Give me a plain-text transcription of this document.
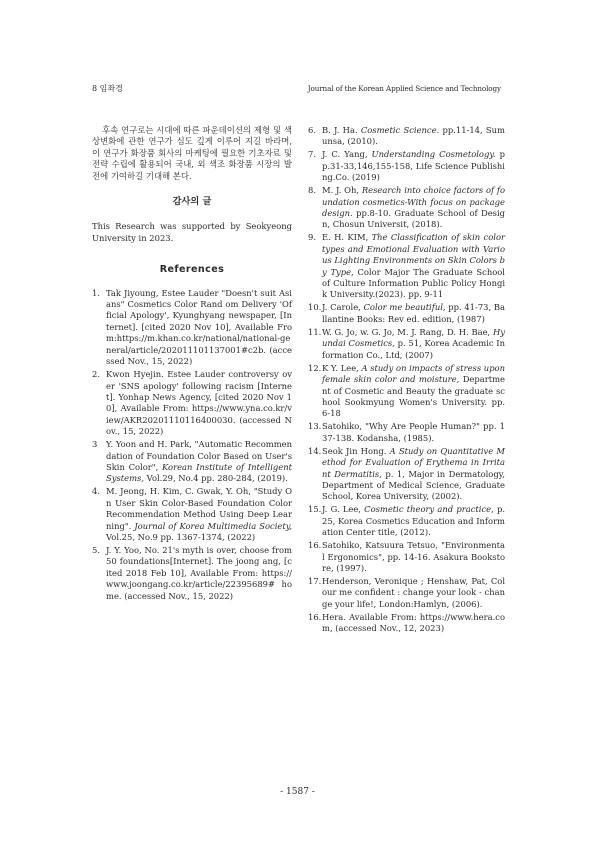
8 임좌경	Journal of the Korean Applied Science and Technology

후속 연구로는 시대에 따른 파운데이션의 제형 및 색상변화에 관한 연구가 심도 깊게 이루어 지길 바라며, 이 연구가 화장품 회사의 마케팅에 필요한 기초자료 및 전략 수립에 활용되어 국내, 외 색조 화장품 시장의 발전에 기여하길 기대해 본다.

감사의 글

This Research was supported by Seokyeong University in 2023.

References
1. Tak Jiyoung, Estee Lauder "Doesn't suit Asians" Cosmetics Color Rand om Delivery 'Official Apology', Kyunghyang newspaper, [Internet]. [cited 2020 Nov 10], Available From:https://m.khan.co.kr/national/national-general/article/202011101137001#c2b. (accessed Nov., 15, 2022)
2. Kwon Hyejin. Estee Lauder controversy over 'SNS apology' following racism [Internet]. Yonhap News Agency, [cited 2020 Nov 10], Available From: https://www.yna.co.kr/view/AKR20201110116400030. (accessed Nov., 15, 2022)
3 Y. Yoon and H. Park, "Automatic Recommendation of Foundation Color Based on User's Skin Color", Korean Institute of Intelligent Systems, Vol.29, No.4 pp. 280-284, (2019).
4. M. Jeong, H. Kim, C. Gwak, Y. Oh, "Study On User Skin Color-Based Foundation Color Recommendation Method Using Deep Learning". Journal of Korea Multimedia Society, Vol.25, No.9 pp. 1367-1374, (2022)
5. J. Y. Yoo, No. 21's myth is over, choose from 50 foundations[Internet]. The joong ang, [cited 2018 Feb 10], Available From: https://www.joongang.co.kr/article/22395689# home. (accessed Nov., 15, 2022)
6. B. J. Ha. Cosmetic Science. pp.11-14, Sumunsa, (2010).
7. J. C. Yang, Understanding Cosmetology. pp.31-33,146,155-158, Life Science Publishing.Co. (2019)
8. M. J. Oh, Research into choice factors of foundation cosmetics-With focus on package design. pp.8-10. Graduate School of Design, Chosun Universit, (2018).
9. E. H. KIM, The Classification of skin color types and Emotional Evaluation with Various Lighting Environments on Skin Colors by Type, Color Major The Graduate School of Culture Information Public Policy Hongik University.(2023). pp. 9-11
10. J. Carole, Color me beautiful, pp. 41-73, Ballantine Books: Rev ed. edition, (1987)
11. W. G. Jo, w. G. Jo, M. J. Rang, D. H. Bae, Hyundai Cosmetics, p. 51, Korea Academic Information Co., Ltd, (2007)
12. K Y. Lee, A study on impacts of stress upon female skin color and moisture, Department of Cosmetic and Beauty the graduate school Sookmyung Women's University. pp. 6-18
13. Satohiko, "Why Are People Human?" pp. 137-138. Kodansha, (1985).
14. Seok Jin Hong. A Study on Quantitative Method for Evaluation of Erythema in Irritant Dermatitis, p. 1, Major in Dermatology, Department of Medical Science, Graduate School, Korea University, (2002).
15. J. G. Lee, Cosmetic theory and practice, p. 25, Korea Cosmetics Education and Information Center title, (2012).
16. Satohiko, Katsuura Tetsuo, "Environmental Ergonomics", pp. 14-16. Asakura Bookstore, (1997).
17. Henderson, Veronique ; Henshaw, Pat, Colour me confident : change your look - change your life!, London:Hamlyn, (2006).
16. Hera. Available From: https://www.hera.com, (accessed Nov., 12, 2023)
- 1587 -
